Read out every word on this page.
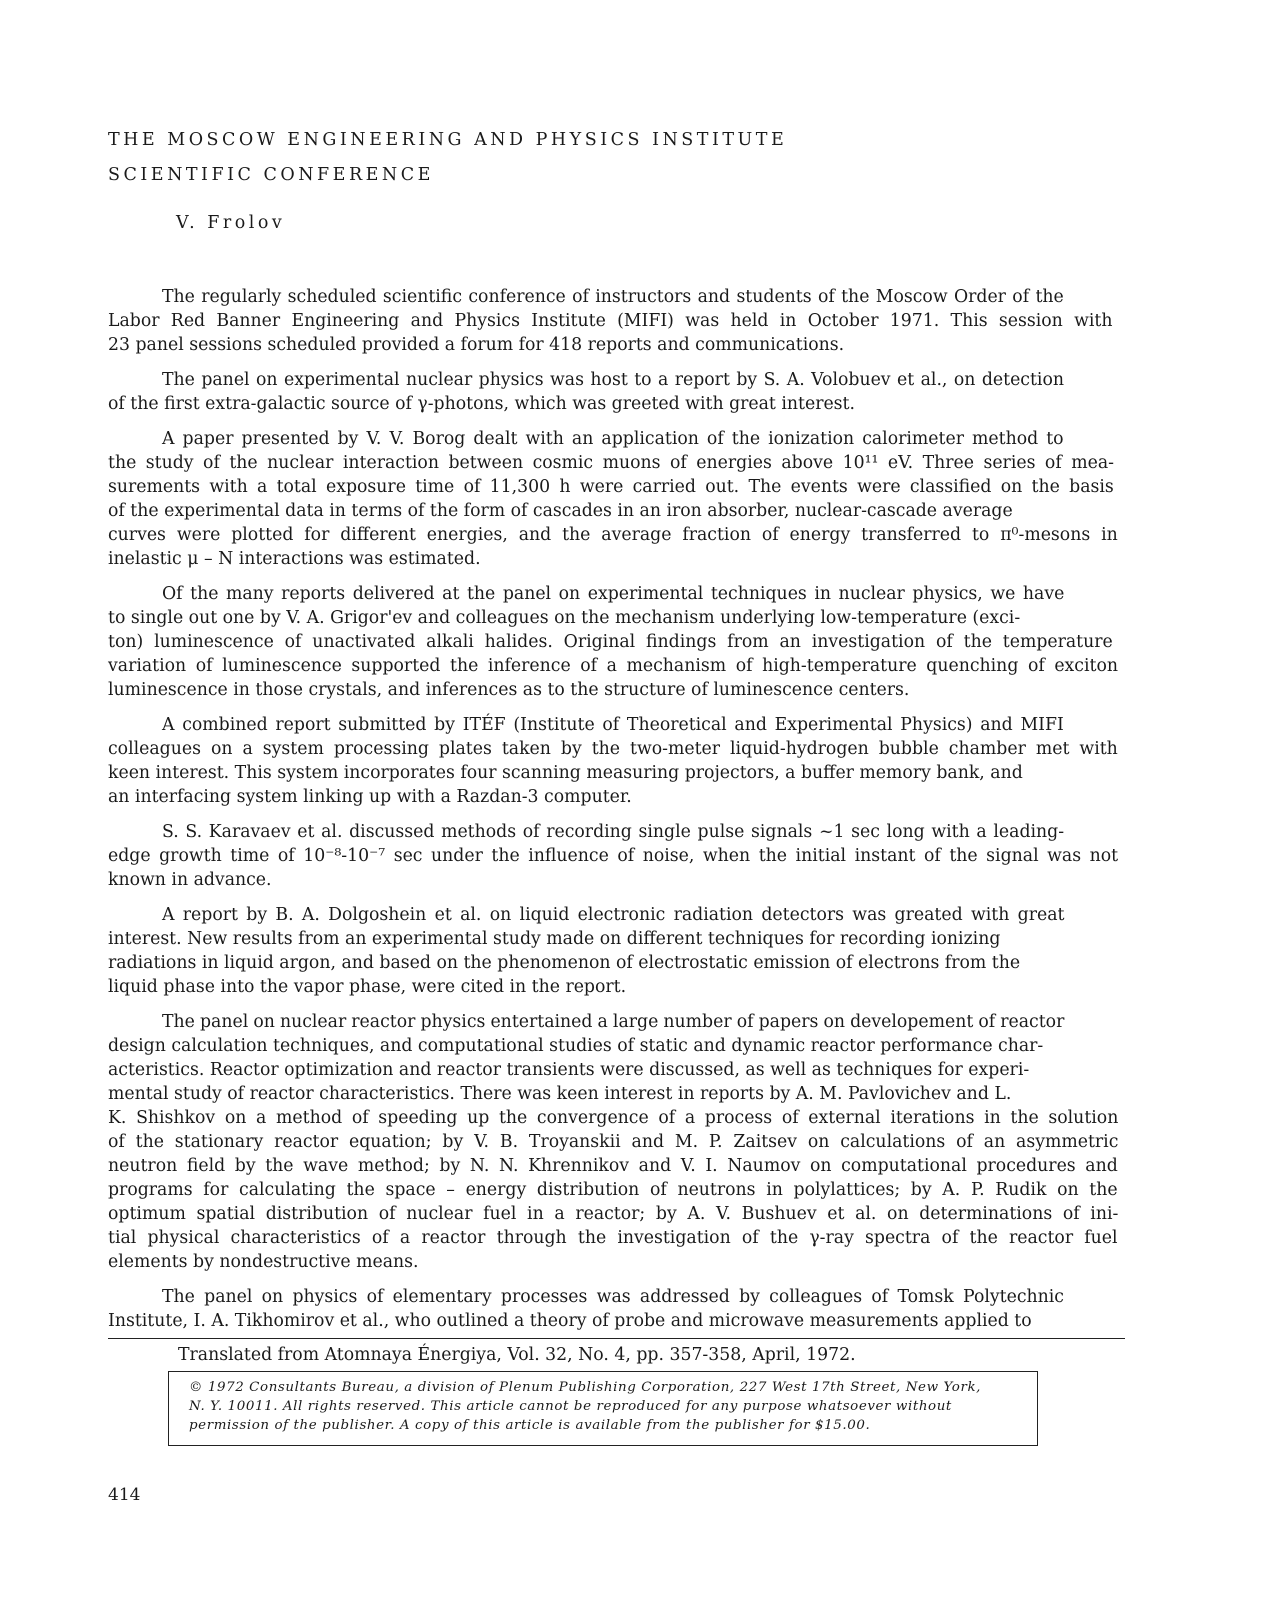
THE MOSCOW ENGINEERING AND PHYSICS INSTITUTE
SCIENTIFIC CONFERENCE
V. Frolov
The regularly scheduled scientific conference of instructors and students of the Moscow Order of the
Labor Red Banner Engineering and Physics Institute (MIFI) was held in October 1971. This session with
23 panel sessions scheduled provided a forum for 418 reports and communications.
The panel on experimental nuclear physics was host to a report by S. A. Volobuev et al., on detection
of the first extra-galactic source of γ-photons, which was greeted with great interest.
A paper presented by V. V. Borog dealt with an application of the ionization calorimeter method to
the study of the nuclear interaction between cosmic muons of energies above 10¹¹ eV. Three series of mea-
surements with a total exposure time of 11,300 h were carried out. The events were classified on the basis
of the experimental data in terms of the form of cascades in an iron absorber, nuclear-cascade average
curves were plotted for different energies, and the average fraction of energy transferred to π⁰-mesons in
inelastic μ – N interactions was estimated.
Of the many reports delivered at the panel on experimental techniques in nuclear physics, we have
to single out one by V. A. Grigor'ev and colleagues on the mechanism underlying low-temperature (exci-
ton) luminescence of unactivated alkali halides. Original findings from an investigation of the temperature
variation of luminescence supported the inference of a mechanism of high-temperature quenching of exciton
luminescence in those crystals, and inferences as to the structure of luminescence centers.
A combined report submitted by ITÉF (Institute of Theoretical and Experimental Physics) and MIFI
colleagues on a system processing plates taken by the two-meter liquid-hydrogen bubble chamber met with
keen interest. This system incorporates four scanning measuring projectors, a buffer memory bank, and
an interfacing system linking up with a Razdan-3 computer.
S. S. Karavaev et al. discussed methods of recording single pulse signals ~1 sec long with a leading-
edge growth time of 10⁻⁸-10⁻⁷ sec under the influence of noise, when the initial instant of the signal was not
known in advance.
A report by B. A. Dolgoshein et al. on liquid electronic radiation detectors was greated with great
interest. New results from an experimental study made on different techniques for recording ionizing
radiations in liquid argon, and based on the phenomenon of electrostatic emission of electrons from the
liquid phase into the vapor phase, were cited in the report.
The panel on nuclear reactor physics entertained a large number of papers on developement of reactor
design calculation techniques, and computational studies of static and dynamic reactor performance char-
acteristics. Reactor optimization and reactor transients were discussed, as well as techniques for experi-
mental study of reactor characteristics. There was keen interest in reports by A. M. Pavlovichev and L.
K. Shishkov on a method of speeding up the convergence of a process of external iterations in the solution
of the stationary reactor equation; by V. B. Troyanskii and M. P. Zaitsev on calculations of an asymmetric
neutron field by the wave method; by N. N. Khrennikov and V. I. Naumov on computational procedures and
programs for calculating the space – energy distribution of neutrons in polylattices; by A. P. Rudik on the
optimum spatial distribution of nuclear fuel in a reactor; by A. V. Bushuev et al. on determinations of ini-
tial physical characteristics of a reactor through the investigation of the γ-ray spectra of the reactor fuel
elements by nondestructive means.
The panel on physics of elementary processes was addressed by colleagues of Tomsk Polytechnic
Institute, I. A. Tikhomirov et al., who outlined a theory of probe and microwave measurements applied to
Translated from Atomnaya Énergiya, Vol. 32, No. 4, pp. 357-358, April, 1972.
© 1972 Consultants Bureau, a division of Plenum Publishing Corporation, 227 West 17th Street, New York,
N. Y. 10011. All rights reserved. This article cannot be reproduced for any purpose whatsoever without
permission of the publisher. A copy of this article is available from the publisher for $15.00.
414
